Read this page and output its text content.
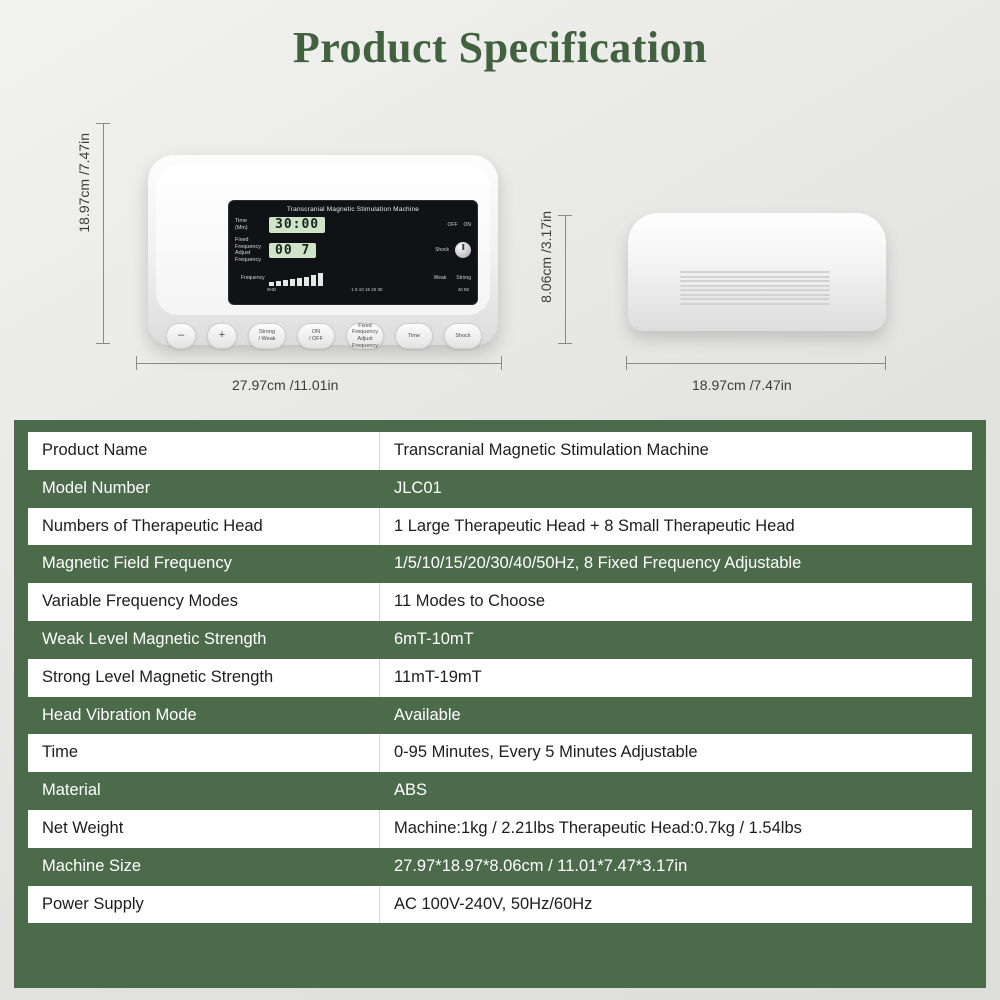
Product Specification
18.97cm /7.47in
27.97cm /11.01in
8.06cm /3.17in
18.97cm /7.47in
Transcranial Magnetic Stimulation Machine
Time
(Min)	30:00	OFF ON
Fixed Frequency
Adjust Frequency
00 7	Shock
Frequency	Weak Strong
0HD	1 5 10 15 20 30	40 50
–	+	Strong
/ Weak
ON
/ OFF
Fixed Frequency
Adjust Frequency
Time	Shock
Product Name	Transcranial Magnetic Stimulation Machine
Model Number	JLC01
Numbers of Therapeutic Head	1 Large Therapeutic Head + 8 Small Therapeutic Head
Magnetic Field Frequency	1/5/10/15/20/30/40/50Hz, 8 Fixed Frequency Adjustable
Variable Frequency Modes	11 Modes to Choose
Weak Level Magnetic Strength	6mT-10mT
Strong Level Magnetic Strength	11mT-19mT
Head Vibration Mode	Available
Time	0-95 Minutes, Every 5 Minutes Adjustable
Material	ABS
Net Weight	Machine:1kg / 2.21lbs Therapeutic Head:0.7kg / 1.54lbs
Machine Size	27.97*18.97*8.06cm / 11.01*7.47*3.17in
Power Supply	AC 100V-240V, 50Hz/60Hz
